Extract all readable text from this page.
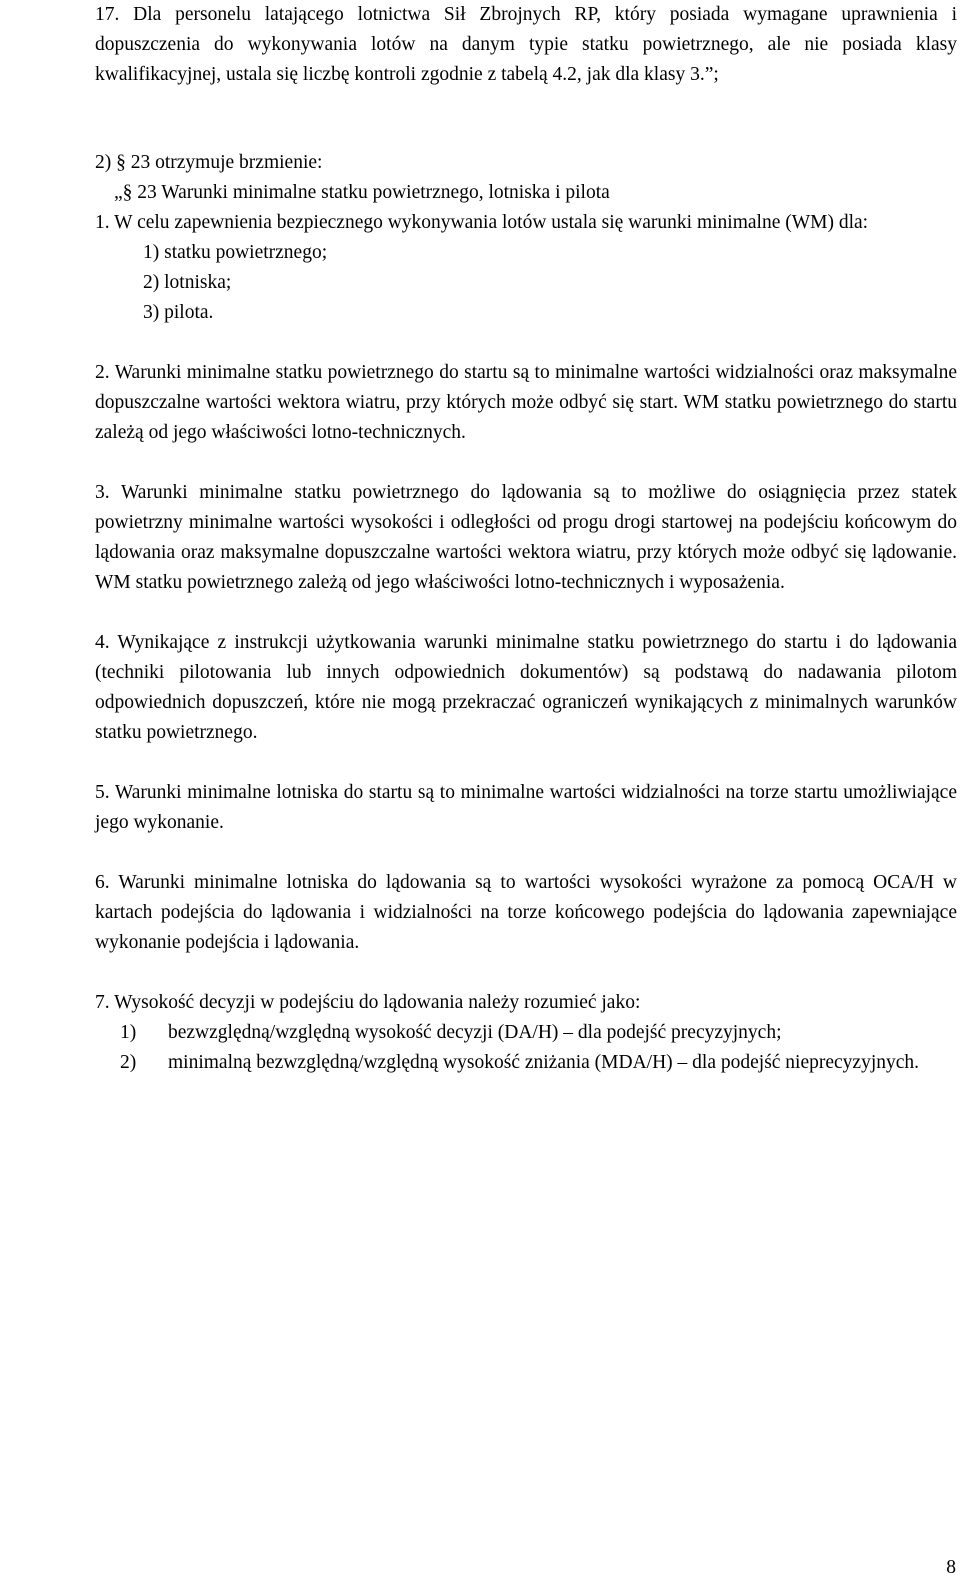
17. Dla personelu latającego lotnictwa Sił Zbrojnych RP, który posiada wymagane uprawnienia i dopuszczenia do wykonywania lotów na danym typie statku powietrznego, ale nie posiada klasy kwalifikacyjnej, ustala się liczbę kontroli zgodnie z tabelą 4.2, jak dla klasy 3.”;
2) § 23 otrzymuje brzmienie:
„§ 23 Warunki minimalne statku powietrznego, lotniska i pilota
1. W celu zapewnienia bezpiecznego wykonywania lotów ustala się warunki minimalne (WM) dla:
1) statku powietrznego;
2) lotniska;
3) pilota.
2. Warunki minimalne statku powietrznego do startu są to minimalne wartości widzialności oraz maksymalne dopuszczalne wartości wektora wiatru, przy których może odbyć się start. WM statku powietrznego do startu zależą od jego właściwości lotno-technicznych.
3. Warunki minimalne statku powietrznego do lądowania są to możliwe do osiągnięcia przez statek powietrzny minimalne wartości wysokości i odległości od progu drogi startowej na podejściu końcowym do lądowania oraz maksymalne dopuszczalne wartości wektora wiatru, przy których może odbyć się lądowanie. WM statku powietrznego zależą od jego właściwości lotno-technicznych i wyposażenia.
4. Wynikające z instrukcji użytkowania warunki minimalne statku powietrznego do startu i do lądowania (techniki pilotowania lub innych odpowiednich dokumentów) są podstawą do nadawania pilotom odpowiednich dopuszczeń, które nie mogą przekraczać ograniczeń wynikających z minimalnych warunków statku powietrznego.
5. Warunki minimalne lotniska do startu są to minimalne wartości widzialności na torze startu umożliwiające jego wykonanie.
6. Warunki minimalne lotniska do lądowania są to wartości wysokości wyrażone za pomocą OCA/H w kartach podejścia do lądowania i widzialności na torze końcowego podejścia do lądowania zapewniające wykonanie podejścia i lądowania.
7. Wysokość decyzji w podejściu do lądowania należy rozumieć jako:
1)	bezwzględną/względną wysokość decyzji (DA/H) – dla podejść precyzyjnych;
2)	minimalną bezwzględną/względną wysokość zniżania (MDA/H) – dla podejść nieprecyzyjnych.
8
